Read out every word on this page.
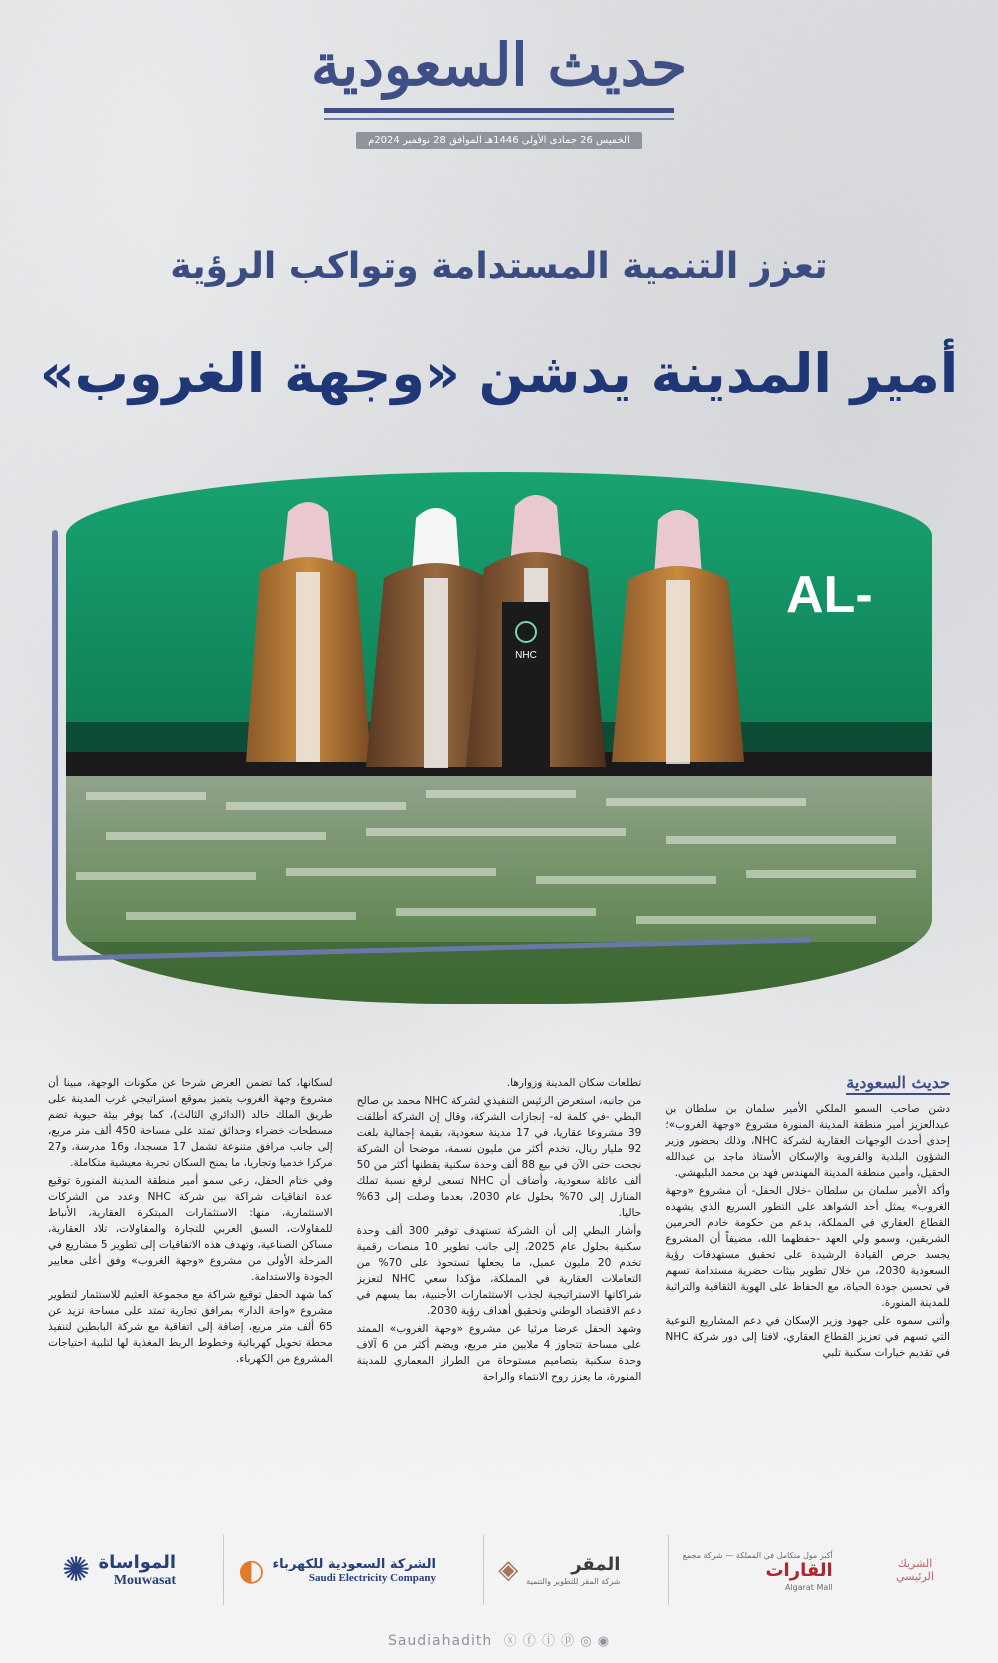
حديث السعودية
الخميس 26 جمادى الأولى 1446هـ الموافق 28 نوفمبر 2024م
تعزز التنمية المستدامة وتواكب الرؤية
أمير المدينة يدشن «وجهة الغروب»
AL-
NHC
حديث السعودية

دشن صاحب السمو الملكي الأمير سلمان بن سلطان بن عبدالعزيز أمير منطقة المدينة المنورة مشروع «وجهة الغروب»؛ إحدى أحدث الوجهات العقارية لشركة NHC، وذلك بحضور وزير الشؤون البلدية والقروية والإسكان الأستاذ ماجد بن عبدالله الحقيل، وأمين منطقة المدينة المهندس فهد بن محمد البليهشي.

وأكد الأمير سلمان بن سلطان -خلال الحفل- أن مشروع «وجهة الغروب» يمثل أحد الشواهد على التطور السريع الذي يشهده القطاع العقاري في المملكة، بدعم من حكومة خادم الحرمين الشريفين، وسمو ولي العهد -حفظهما الله، مضيفاً أن المشروع يجسد حرص القيادة الرشيدة على تحقيق مستهدفات رؤية السعودية 2030، من خلال تطوير بيئات حضرية مستدامة تسهم في تحسين جودة الحياة، مع الحفاظ على الهوية الثقافية والتراثية للمدينة المنورة.

وأثنى سموه على جهود وزير الإسكان في دعم المشاريع النوعية التي تسهم في تعزيز القطاع العقاري، لافتا إلى دور شركة NHC في تقديم خيارات سكنية تلبي

تطلعات سكان المدينة وزوارها.

من جانبه، استعرض الرئيس التنفيذي لشركة NHC محمد بن صالح البطي -في كلمة له- إنجازات الشركة، وقال إن الشركة أطلقت 39 مشروعا عقاريا، في 17 مدينة سعودية، بقيمة إجمالية بلغت 92 مليار ريال، تخدم أكثر من مليون نسمة، موضحا أن الشركة نجحت حتى الآن في بيع 88 ألف وحدة سكنية يقطنها أكثر من 50 ألف عائلة سعودية، وأضاف أن NHC تسعى لرفع نسبة تملك المنازل إلى 70% بحلول عام 2030، بعدما وصلت إلى 63% حاليا.

وأشار البطي إلى أن الشركة تستهدف توفير 300 ألف وحدة سكنية بحلول عام 2025، إلى جانب تطوير 10 منصات رقمية تخدم 20 مليون عميل، ما يجعلها تستحوذ على 70% من التعاملات العقارية في المملكة، مؤكدا سعي NHC لتعزيز شراكاتها الاستراتيجية لجذب الاستثمارات الأجنبية، بما يسهم في دعم الاقتصاد الوطني وتحقيق أهداف رؤية 2030.

وشهد الحفل عرضا مرئيا عن مشروع «وجهة الغروب» الممتد على مساحة تتجاوز 4 ملايين متر مربع، ويضم أكثر من 6 آلاف وحدة سكنية بتصاميم مستوحاة من الطراز المعماري للمدينة المنورة، ما يعزز روح الانتماء والراحة

لسكانها، كما تضمن العرض شرحا عن مكونات الوجهة، مبينا أن مشروع وجهة الغروب يتميز بموقع استراتيجي غرب المدينة على طريق الملك خالد (الدائري الثالث)، كما يوفر بيئة حيوية تضم مسطحات خضراء وحدائق تمتد على مساحة 450 ألف متر مربع، إلى جانب مرافق متنوعة تشمل 17 مسجدا، و16 مدرسة، و27 مركزا خدميا وتجاريا، ما يمنح السكان تجربة معيشية متكاملة.

وفي ختام الحفل، رعى سمو أمير منطقة المدينة المنورة توقيع عدة اتفاقيات شراكة بين شركة NHC وعدد من الشركات الاستثمارية، منها: الاستثمارات المبتكرة العقارية، الأنباط للمقاولات، السبق العربي للتجارة والمقاولات، تلاد العقارية، مساكن الصناعية، وتهدف هذه الاتفاقيات إلى تطوير 5 مشاريع في المرحلة الأولى من مشروع «وجهة الغروب» وفق أعلى معايير الجودة والاستدامة.

كما شهد الحفل توقيع شراكة مع مجموعة العثيم للاستثمار لتطوير مشروع «واحة الدار» بمرافق تجارية تمتد على مساحة تزيد عن 65 ألف متر مربع، إضافة إلى اتفاقية مع شركة البابطين لتنفيذ محطة تحويل كهربائية وخطوط الربط المغذية لها لتلبية احتياجات المشروع من الكهرباء.

الشريك الرئيسي
أكبر مول متكامل في المملكة — شركة مجمع
القارات
Algarat Mall
المقر
شركة المقر للتطوير والتنمية
◈
الشركة السعودية للكهرباء
Saudi Electricity Company
◐
المواساة
Mouwasat
✺
◉ ◎ ⓧ ⓕ ⓘ ⓟ Saudiahadith
